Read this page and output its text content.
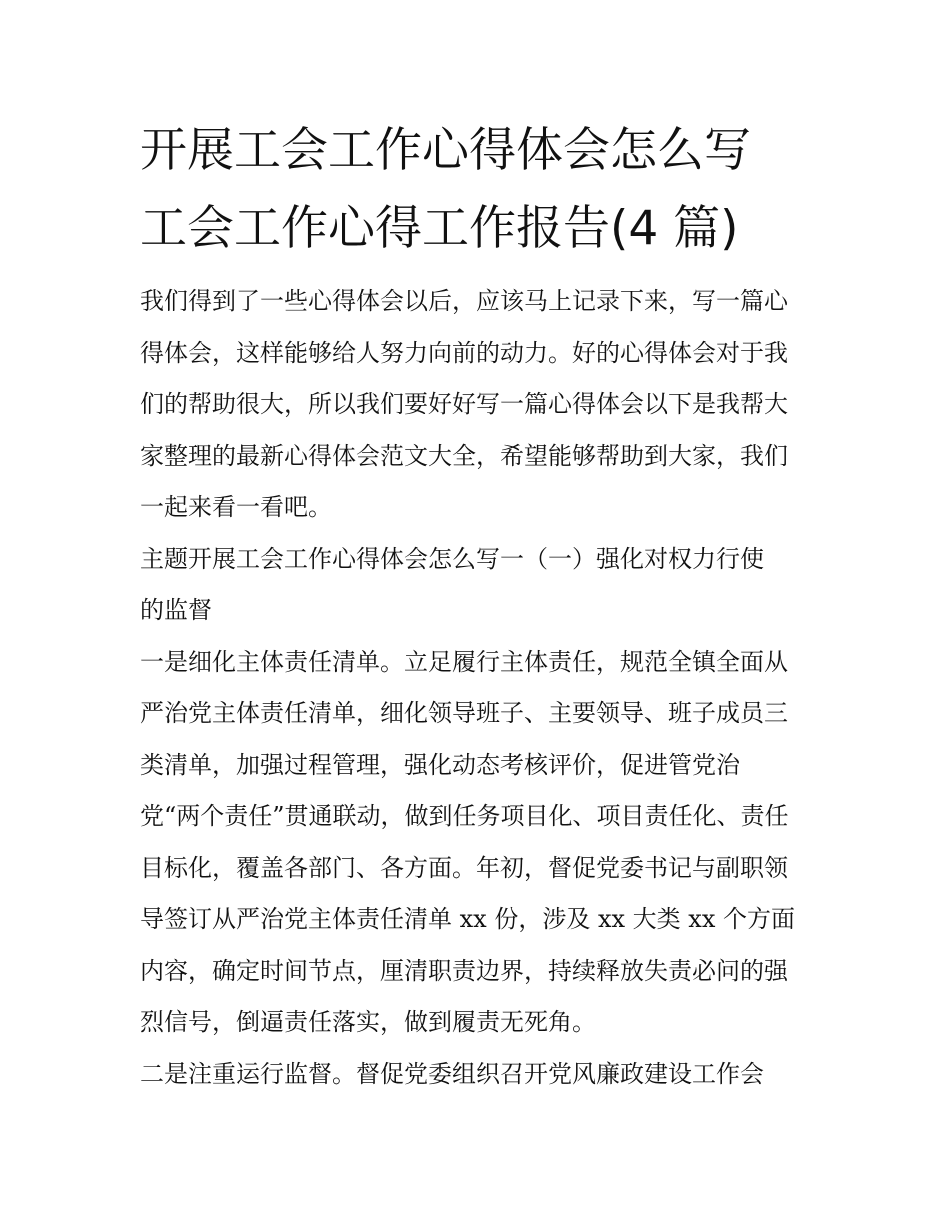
开展工会工作心得体会怎么写
工会工作心得工作报告(4 篇)
我们得到了一些心得体会以后，应该马上记录下来，写一篇心
得体会，这样能够给人努力向前的动力。好的心得体会对于我
们的帮助很大，所以我们要好好写一篇心得体会以下是我帮大
家整理的最新心得体会范文大全，希望能够帮助到大家，我们
一起来看一看吧。
主题开展工会工作心得体会怎么写一（一）强化对权力行使
的监督
一是细化主体责任清单。立足履行主体责任，规范全镇全面从
严治党主体责任清单，细化领导班子、主要领导、班子成员三
类清单，加强过程管理，强化动态考核评价，促进管党治
党“两个责任”贯通联动，做到任务项目化、项目责任化、责任
目标化，覆盖各部门、各方面。年初，督促党委书记与副职领
导签订从严治党主体责任清单 xx 份，涉及 xx 大类 xx 个方面
内容，确定时间节点，厘清职责边界，持续释放失责必问的强
烈信号，倒逼责任落实，做到履责无死角。
二是注重运行监督。督促党委组织召开党风廉政建设工作会
